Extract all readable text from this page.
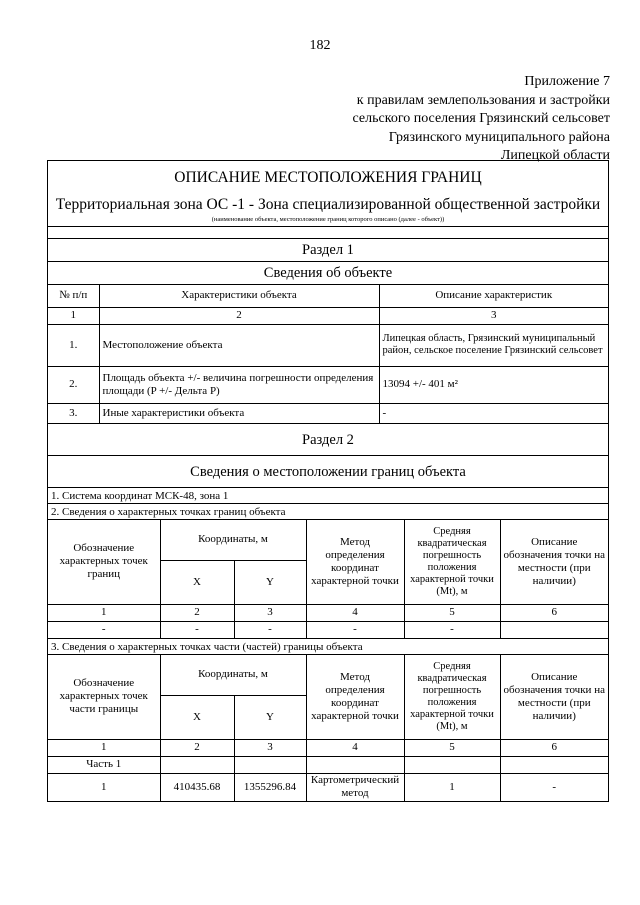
182
Приложение 7
к правилам землепользования и застройки
сельского поселения Грязинский сельсовет
Грязинского муниципального района
Липецкой области
ОПИСАНИЕ МЕСТОПОЛОЖЕНИЯ ГРАНИЦ
Территориальная зона ОС -1 - Зона специализированной общественной застройки
(наименование объекта, местоположение границ которого описано (далее - объект))
Раздел 1
Сведения об объекте
№ п/п	Характеристики объекта	Описание характеристик
1	2	3
1.	Местоположение объекта	Липецкая область, Грязинский муниципальный район, сельское поселение Грязинский сельсовет
2.	Площадь объекта +/- величина погрешности определения площади (P +/- Дельта P)	13094 +/- 401 м²
3.	Иные характеристики объекта	-
Раздел 2
Сведения о местоположении границ объекта
1. Система координат МСК-48, зона 1
2. Сведения о характерных точках границ объекта
Обозначение характерных точек границ	Координаты, м		Метод определения координат характерной точки	Средняя квадратическая погрешность положения характерной точки (Mt), м	Описание обозначения точки на местности (при наличии)
	X	Y			
1	2	3	4	5	6
-	-	-	-	-	
3. Сведения о характерных точках части (частей) границы объекта
Обозначение характерных точек части границы	Координаты, м		Метод определения координат характерной точки	Средняя квадратическая погрешность положения характерной точки (Mt), м	Описание обозначения точки на местности (при наличии)
	X	Y			
1	2	3	4	5	6
Часть 1					
1	410435.68	1355296.84	Картометрический метод	1	-
